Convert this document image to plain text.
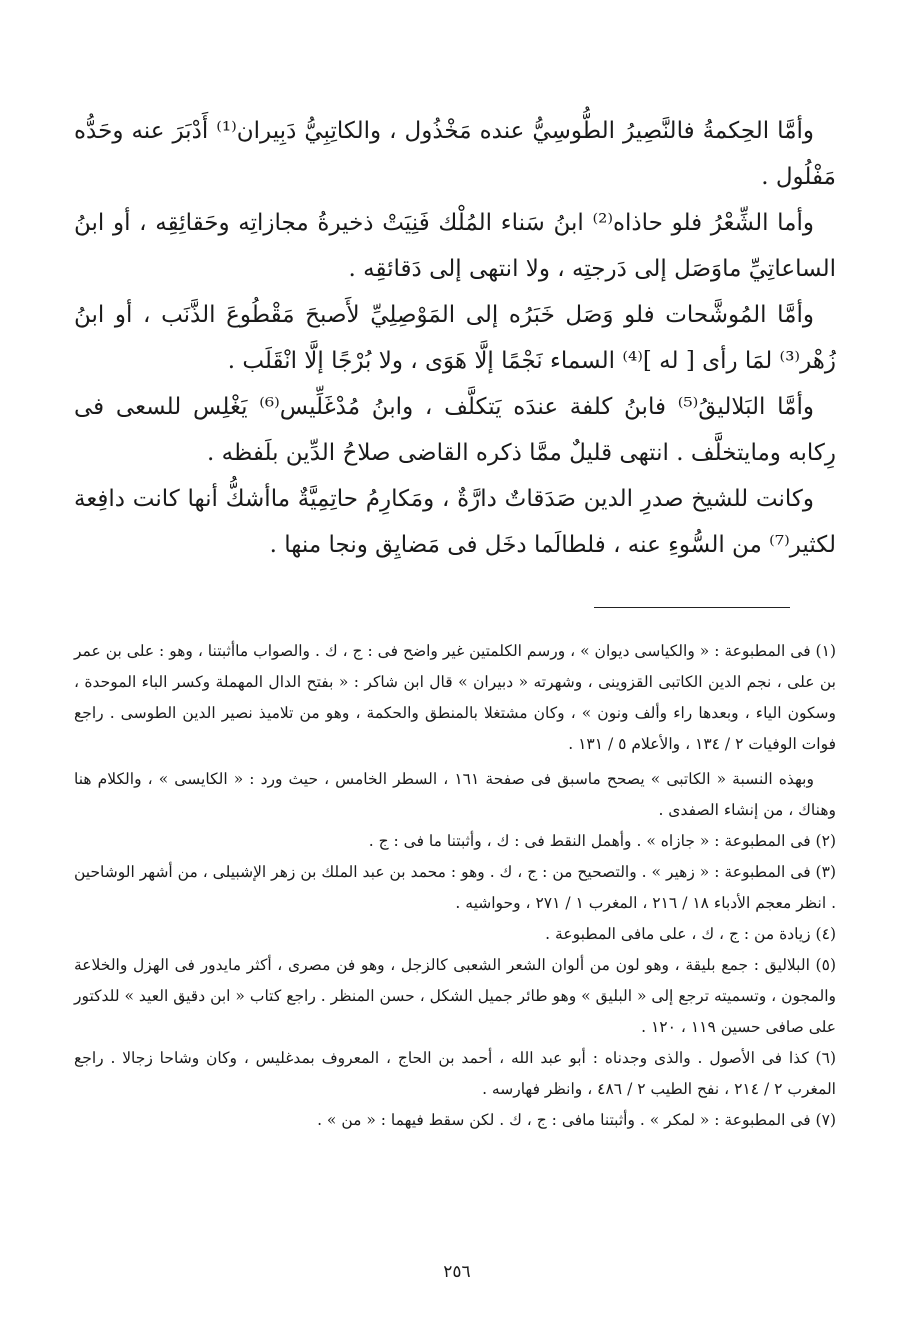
وأمَّا الحِكمةُ فالنَّصِيرُ الطُّوسِيُّ عنده مَخْذُول ، والكاتِبِيُّ دَبِيران⁽¹⁾ أَدْبَرَ عنه وحَدُّه مَفْلُول .

وأما الشِّعْرُ فلو حاذاه⁽²⁾ ابنُ سَناء المُلْك فَنِيَتْ ذخيرةُ مجازاتِه وحَقائِقِه ، أو ابنُ الساعاتِيِّ ماوَصَل إلى دَرجتِه ، ولا انتهى إلى دَقائقِه .

وأمَّا المُوشَّحات فلو وَصَل خَبَرُه إلى المَوْصِلِيِّ لأَصبحَ مَقْطُوعَ الذَّنَب ، أو ابنُ زُهْر⁽³⁾ لمَا رأى [ له ]⁽⁴⁾ السماء نَجْمًا إلَّا هَوَى ، ولا بُرْجًا إلَّا انْقَلَب .

وأمَّا البَلاليقُ⁽⁵⁾ فابنُ كلفة عندَه يَتكلَّف ، وابنُ مُدْغَلِّيس⁽⁶⁾ يَغْلِس للسعى فى رِكابه ومايتخلَّف . انتهى قليلٌ ممَّا ذكره القاضى صلاحُ الدِّين بلَفظه .

وكانت للشيخ صدرِ الدين صَدَقاتٌ دارَّةٌ ، ومَكارِمُ حاتِمِيَّةٌ ماأشكُّ أنها كانت دافِعة لكثير⁽⁷⁾ من السُّوءِ عنه ، فلطالَما دخَل فى مَضايِق ونجا منها .

(١) فى المطبوعة : « والكياسى ديوان » ، ورسم الكلمتين غير واضح فى : ج ، ك . والصواب ماأثبتنا ، وهو : على بن عمر بن على ، نجم الدين الكاتبى القزوينى ، وشهرته « دبيران » قال ابن شاكر : « بفتح الدال المهملة وكسر الباء الموحدة ، وسكون الياء ، وبعدها راء وألف ونون » ، وكان مشتغلا بالمنطق والحكمة ، وهو من تلاميذ نصير الدين الطوسى . راجع فوات الوفيات ٢ / ١٣٤ ، والأعلام ٥ / ١٣١ .

وبهذه النسبة « الكاتبى » يصحح ماسبق فى صفحة ١٦١ ، السطر الخامس ، حيث ورد : « الكايسى » ، والكلام هنا وهناك ، من إنشاء الصفدى .

(٢) فى المطبوعة : « جازاه » . وأهمل النقط فى : ك ، وأثبتنا ما فى : ج .

(٣) فى المطبوعة : « زهير » . والتصحيح من : ج ، ك . وهو : محمد بن عبد الملك بن زهر الإشبيلى ، من أشهر الوشاحين . انظر معجم الأدباء ١٨ / ٢١٦ ، المغرب ١ / ٢٧١ ، وحواشيه .

(٤) زيادة من : ج ، ك ، على مافى المطبوعة .

(٥) البلاليق : جمع بليقة ، وهو لون من ألوان الشعر الشعبى كالزجل ، وهو فن مصرى ، أكثر مايدور فى الهزل والخلاعة والمجون ، وتسميته ترجع إلى « البليق » وهو طائر جميل الشكل ، حسن المنظر . راجع كتاب « ابن دقيق العيد » للدكتور على صافى حسين ١١٩ ، ١٢٠ .

(٦) كذا فى الأصول . والذى وجدناه : أبو عبد الله ، أحمد بن الحاج ، المعروف بمدغليس ، وكان وشاحا زجالا . راجع المغرب ٢ / ٢١٤ ، نفح الطيب ٢ / ٤٨٦ ، وانظر فهارسه .

(٧) فى المطبوعة : « لمكر » . وأثبتنا مافى : ج ، ك . لكن سقط فيهما : « من » .

٢٥٦
